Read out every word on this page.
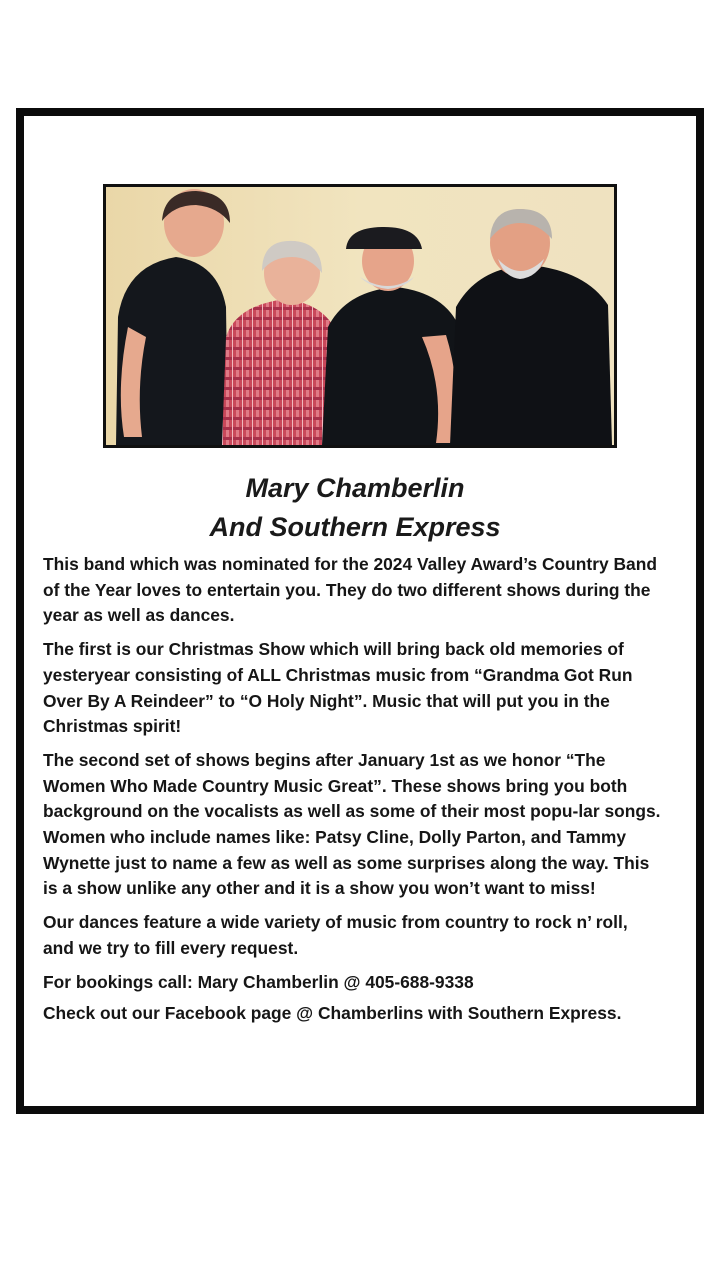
Mary Chamberlin
And Southern Express

This band which was nominated for the 2024 Valley Award’s Country Band of the Year loves to entertain you. They do two different shows during the year as well as dances.

The first is our Christmas Show which will bring back old memories of yesteryear consisting of ALL Christmas music from “Grandma Got Run Over By A Reindeer” to “O Holy Night”. Music that will put you in the Christmas spirit!

The second set of shows begins after January 1st as we honor “The Women Who Made Country Music Great”. These shows bring you both background on the vocalists as well as some of their most popu-lar songs. Women who include names like: Patsy Cline, Dolly Parton, and Tammy Wynette just to name a few as well as some surprises along the way. This is a show unlike any other and it is a show you won’t want to miss!

Our dances feature a wide variety of music from country to rock n’ roll, and we try to fill every request.

For bookings call: Mary Chamberlin @ 405-688-9338

Check out our Facebook page @ Chamberlins with Southern Express.
